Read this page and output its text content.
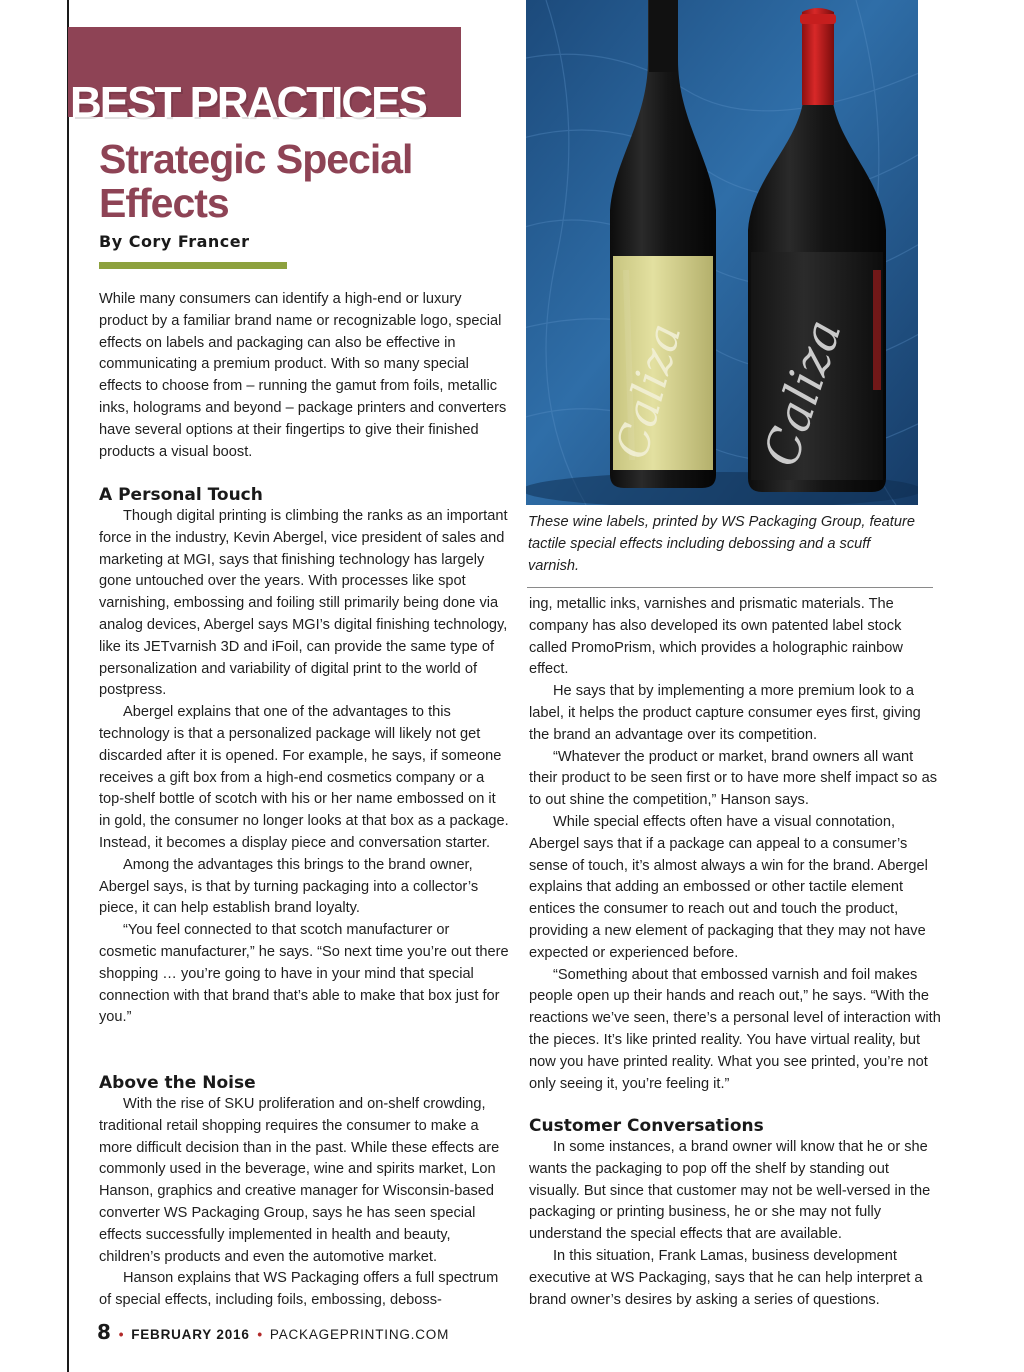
BEST PRACTICES
Strategic Special Effects

By Cory Francer

While many consumers can identify a high-end or luxury product by a familiar brand name or recognizable logo, special effects on labels and packaging can also be effective in communicating a premium product. With so many special effects to choose from – running the gamut from foils, metallic inks, holograms and beyond – package printers and converters have several options at their fingertips to give their finished products a visual boost.

A Personal Touch

Though digital printing is climbing the ranks as an important force in the industry, Kevin Abergel, vice president of sales and marketing at MGI, says that finishing technology has largely gone untouched over the years. With processes like spot varnishing, embossing and foiling still primarily being done via analog devices, Abergel says MGI’s digital finishing technology, like its JETvarnish 3D and iFoil, can provide the same type of personalization and variability of digital print to the world of postpress.

Abergel explains that one of the advantages to this technology is that a personalized package will likely not get discarded after it is opened. For example, he says, if someone receives a gift box from a high-end cosmetics company or a top-shelf bottle of scotch with his or her name embossed on it in gold, the consumer no longer looks at that box as a package. Instead, it becomes a display piece and conversation starter.

Among the advantages this brings to the brand owner, Abergel says, is that by turning packaging into a collector’s piece, it can help establish brand loyalty.

“You feel connected to that scotch manufacturer or cosmetic manufacturer,” he says. “So next time you’re out there shopping … you’re going to have in your mind that special connection with that brand that’s able to make that box just for you.”

Above the Noise

With the rise of SKU proliferation and on-shelf crowding, traditional retail shopping requires the consumer to make a more difficult decision than in the past. While these effects are commonly used in the beverage, wine and spirits market, Lon Hanson, graphics and creative manager for Wisconsin-based converter WS Packaging Group, says he has seen special effects successfully implemented in health and beauty, children’s products and even the automotive market.

Hanson explains that WS Packaging offers a full spectrum of special effects, including foils, embossing, deboss-

Caliza Caliza

These wine labels, printed by WS Packaging Group, feature tactile special effects including debossing and a scuff varnish.

ing, metallic inks, varnishes and prismatic materials. The company has also developed its own patented label stock called PromoPrism, which provides a holographic rainbow effect.

He says that by implementing a more premium look to a label, it helps the product capture consumer eyes first, giving the brand an advantage over its competition.

“Whatever the product or market, brand owners all want their product to be seen first or to have more shelf impact so as to out shine the competition,” Hanson says.

While special effects often have a visual connotation, Abergel says that if a package can appeal to a consumer’s sense of touch, it’s almost always a win for the brand. Abergel explains that adding an embossed or other tactile element entices the consumer to reach out and touch the product, providing a new element of packaging that they may not have expected or experienced before.

“Something about that embossed varnish and foil makes people open up their hands and reach out,” he says. “With the reactions we’ve seen, there’s a personal level of interaction with the pieces. It’s like printed reality. You have virtual reality, but now you have printed reality. What you see printed, you’re not only seeing it, you’re feeling it.”

Customer Conversations

In some instances, a brand owner will know that he or she wants the packaging to pop off the shelf by standing out visually. But since that customer may not be well-versed in the packaging or printing business, he or she may not fully understand the special effects that are available.

In this situation, Frank Lamas, business development executive at WS Packaging, says that he can help interpret a brand owner’s desires by asking a series of questions.

8 • FEBRUARY 2016 • PACKAGEPRINTING.COM
